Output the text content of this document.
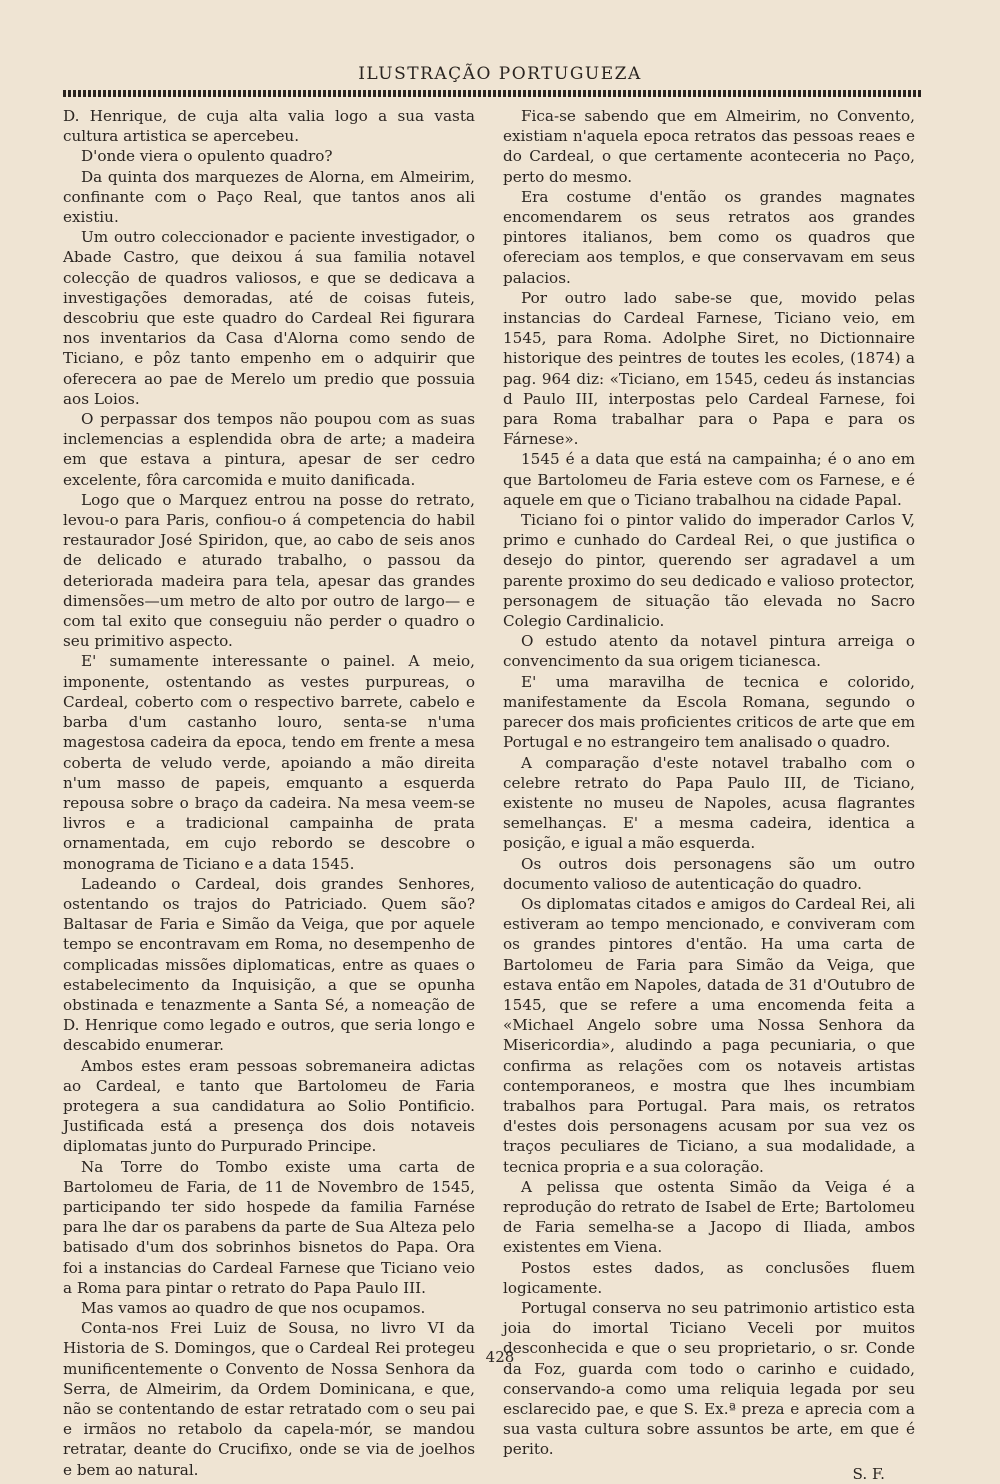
ILUSTRAÇÃO PORTUGUEZA

D. Henrique, de cuja alta valia logo a sua vasta cultura artistica se apercebeu.

D'onde viera o opulento quadro?

Da quinta dos marquezes de Alorna, em Almeirim, confinante com o Paço Real, que tantos anos ali existiu.

Um outro coleccionador e paciente investigador, o Abade Castro, que deixou á sua familia notavel colecção de quadros valiosos, e que se dedicava a investigações demoradas, até de coisas futeis, descobriu que este quadro do Cardeal Rei figurara nos inventarios da Casa d'Alorna como sendo de Ticiano, e pôz tanto empenho em o adquirir que oferecera ao pae de Merelo um predio que possuia aos Loios.

O perpassar dos tempos não poupou com as suas inclemencias a esplendida obra de arte; a madeira em que estava a pintura, apesar de ser cedro excelente, fôra carcomida e muito danificada.

Logo que o Marquez entrou na posse do retrato, levou-o para Paris, confiou-o á competencia do habil restaurador José Spiridon, que, ao cabo de seis anos de delicado e aturado trabalho, o passou da deteriorada madeira para tela, apesar das grandes dimensões—um metro de alto por outro de largo— e com tal exito que conseguiu não perder o quadro o seu primitivo aspecto.

E' sumamente interessante o painel. A meio, imponente, ostentando as vestes purpureas, o Cardeal, coberto com o respectivo barrete, cabelo e barba d'um castanho louro, senta-se n'uma magestosa cadeira da epoca, tendo em frente a mesa coberta de veludo verde, apoiando a mão direita n'um masso de papeis, emquanto a esquerda repousa sobre o braço da cadeira. Na mesa veem-se livros e a tradicional campainha de prata ornamentada, em cujo rebordo se descobre o monograma de Ticiano e a data 1545.

Ladeando o Cardeal, dois grandes Senhores, ostentando os trajos do Patriciado. Quem são? Baltasar de Faria e Simão da Veiga, que por aquele tempo se encontravam em Roma, no desempenho de complicadas missões diplomaticas, entre as quaes o estabelecimento da Inquisição, a que se opunha obstinada e tenazmente a Santa Sé, a nomeação de D. Henrique como legado e outros, que seria longo e descabido enumerar.

Ambos estes eram pessoas sobremaneira adictas ao Cardeal, e tanto que Bartolomeu de Faria protegera a sua candidatura ao Solio Pontificio. Justificada está a presença dos dois notaveis diplomatas junto do Purpurado Principe.

Na Torre do Tombo existe uma carta de Bartolomeu de Faria, de 11 de Novembro de 1545, participando ter sido hospede da familia Farnése para lhe dar os parabens da parte de Sua Alteza pelo batisado d'um dos sobrinhos bisnetos do Papa. Ora foi a instancias do Cardeal Farnese que Ticiano veio a Roma para pintar o retrato do Papa Paulo III.

Mas vamos ao quadro de que nos ocupamos.

Conta-nos Frei Luiz de Sousa, no livro VI da Historia de S. Domingos, que o Cardeal Rei protegeu munificentemente o Convento de Nossa Senhora da Serra, de Almeirim, da Ordem Dominicana, e que, não se contentando de estar retratado com o seu pai e irmãos no retabolo da capela-mór, se mandou retratar, deante do Crucifixo, onde se via de joelhos e bem ao natural.

Fica-se sabendo que em Almeirim, no Convento, existiam n'aquela epoca retratos das pessoas reaes e do Cardeal, o que certamente aconteceria no Paço, perto do mesmo.

Era costume d'então os grandes magnates encomendarem os seus retratos aos grandes pintores italianos, bem como os quadros que ofereciam aos templos, e que conservavam em seus palacios.

Por outro lado sabe-se que, movido pelas instancias do Cardeal Farnese, Ticiano veio, em 1545, para Roma. Adolphe Siret, no Dictionnaire historique des peintres de toutes les ecoles, (1874) a pag. 964 diz: «Ticiano, em 1545, cedeu ás instancias d Paulo III, interpostas pelo Cardeal Farnese, foi para Roma trabalhar para o Papa e para os Fárnese».

1545 é a data que está na campainha; é o ano em que Bartolomeu de Faria esteve com os Farnese, e é aquele em que o Ticiano trabalhou na cidade Papal.

Ticiano foi o pintor valido do imperador Carlos V, primo e cunhado do Cardeal Rei, o que justifica o desejo do pintor, querendo ser agradavel a um parente proximo do seu dedicado e valioso protector, personagem de situação tão elevada no Sacro Colegio Cardinalicio.

O estudo atento da notavel pintura arreiga o convencimento da sua origem ticianesca.

E' uma maravilha de tecnica e colorido, manifestamente da Escola Romana, segundo o parecer dos mais proficientes criticos de arte que em Portugal e no estrangeiro tem analisado o quadro.

A comparação d'este notavel trabalho com o celebre retrato do Papa Paulo III, de Ticiano, existente no museu de Napoles, acusa flagrantes semelhanças. E' a mesma cadeira, identica a posição, e igual a mão esquerda.

Os outros dois personagens são um outro documento valioso de autenticação do quadro.

Os diplomatas citados e amigos do Cardeal Rei, ali estiveram ao tempo mencionado, e conviveram com os grandes pintores d'então. Ha uma carta de Bartolomeu de Faria para Simão da Veiga, que estava então em Napoles, datada de 31 d'Outubro de 1545, que se refere a uma encomenda feita a «Michael Angelo sobre uma Nossa Senhora da Misericordia», aludindo a paga pecuniaria, o que confirma as relações com os notaveis artistas contemporaneos, e mostra que lhes incumbiam trabalhos para Portugal. Para mais, os retratos d'estes dois personagens acusam por sua vez os traços peculiares de Ticiano, a sua modalidade, a tecnica propria e a sua coloração.

A pelissa que ostenta Simão da Veiga é a reprodução do retrato de Isabel de Erte; Bartolomeu de Faria semelha-se a Jacopo di Iliada, ambos existentes em Viena.

Postos estes dados, as conclusões fluem logicamente.

Portugal conserva no seu patrimonio artistico esta joia do imortal Ticiano Veceli por muitos desconhecida e que o seu proprietario, o sr. Conde da Foz, guarda com todo o carinho e cuidado, conservando-a como uma reliquia legada por seu esclarecido pae, e que S. Ex.ª preza e aprecia com a sua vasta cultura sobre assuntos be arte, em que é perito.

S. F.
428
